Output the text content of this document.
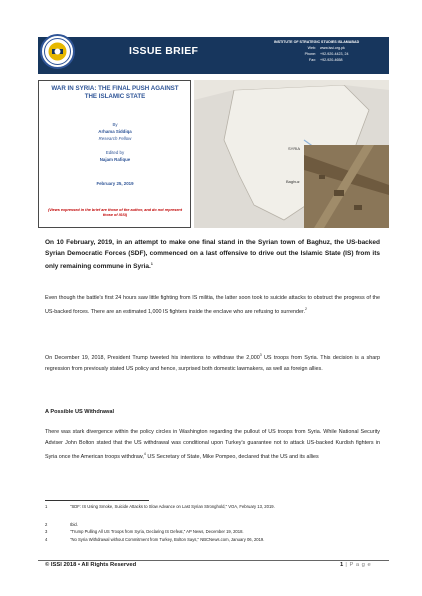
ISSUE BRIEF
INSTITUTE OF STRATEGIC STUDIES ISLAMABAD
Web: www.issi.org.pk
Phone: +92-920-4423, 24
Fax: +92-920-4658
WAR IN SYRIA: THE FINAL PUSH AGAINST
THE ISLAMIC STATE
By
Arhama Siddiqa
Research Fellow
Edited by
Najam Rafique
February 25, 2019
(Views expressed in the brief are those of the author, and do not represent those of ISSI)
SYRIA
Baghuz
On 10 February, 2019, in an attempt to make one final stand in the Syrian town of Baghuz, the US-backed Syrian Democratic Forces (SDF), commenced on a last offensive to drive out the Islamic State (IS) from its only remaining commune in Syria.$^1$
Even though the battle's first 24 hours saw little fighting from IS militia, the latter soon took to suicide attacks to obstruct the progress of the US-backed forces. There are an estimated 1,000 IS fighters inside the enclave who are refusing to surrender.$^2$
On December 19, 2018, President Trump tweeted his intentions to withdraw the 2,000$^3$ US troops from Syria. This decision is a sharp regression from previously stated US policy and hence, surprised both domestic lawmakers, as well as foreign allies.
A Possible US Withdrawal
There was stark divergence within the policy circles in Washington regarding the pullout of US troops from Syria. While National Security Adviser John Bolton stated that the US withdrawal was conditional upon Turkey's guarantee not to attack US-backed Kurdish fighters in Syria once the American troops withdraw,$^4$ US Secretary of State, Mike Pompeo, declared that the US and its allies
1	"SDF: IS Using Smoke, Suicide Attacks to Slow Advance on Last Syrian Stronghold," VOA, February 13, 2019.
2	Ibid.
3	"Trump Pulling All US Troops from Syria, Declaring IS Defeat," AP News, December 19, 2018.
4	"No Syria Withdrawal without Commitment from Turkey, Bolton Says," NBCNews.com, January 06, 2019.
© ISSI 2018 • All Rights Reserved	1 | P a g e
